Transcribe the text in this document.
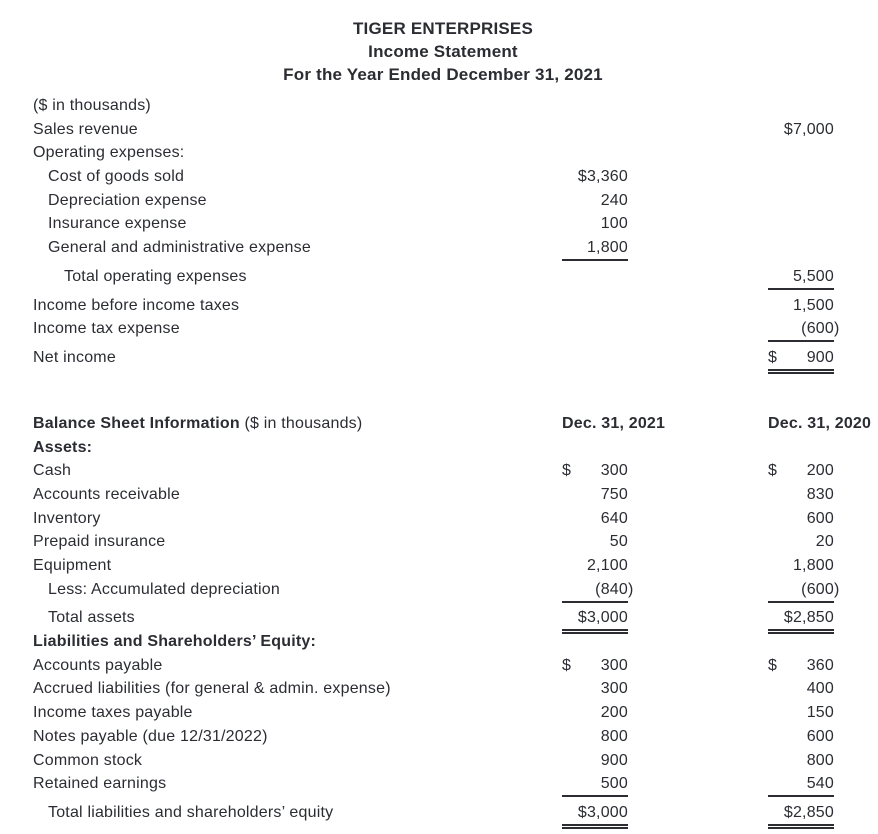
TIGER ENTERPRISES
Income Statement
For the Year Ended December 31, 2021
($ in thousands)
Sales revenue	$7,000
Operating expenses:
Cost of goods sold	$3,360
Depreciation expense	240
Insurance expense	100
General and administrative expense	1,800
Total operating expenses	5,500
Income before income taxes	1,500
Income tax expense	(600 )
Net income	$ 900
Balance Sheet Information ($ in thousands)	Dec. 31, 2021	Dec. 31, 2020
Assets:
Cash	$ 300	$ 200
Accounts receivable	750	830
Inventory	640	600
Prepaid insurance	50	20
Equipment	2,100	1,800
Less: Accumulated depreciation	(840 )	(600 )
Total assets	$3,000	$2,850
Liabilities and Shareholders’ Equity:
Accounts payable	$ 300	$ 360
Accrued liabilities (for general & admin. expense)	300	400
Income taxes payable	200	150
Notes payable (due 12/31/2022)	800	600
Common stock	900	800
Retained earnings	500	540
Total liabilities and shareholders’ equity	$3,000	$2,850
